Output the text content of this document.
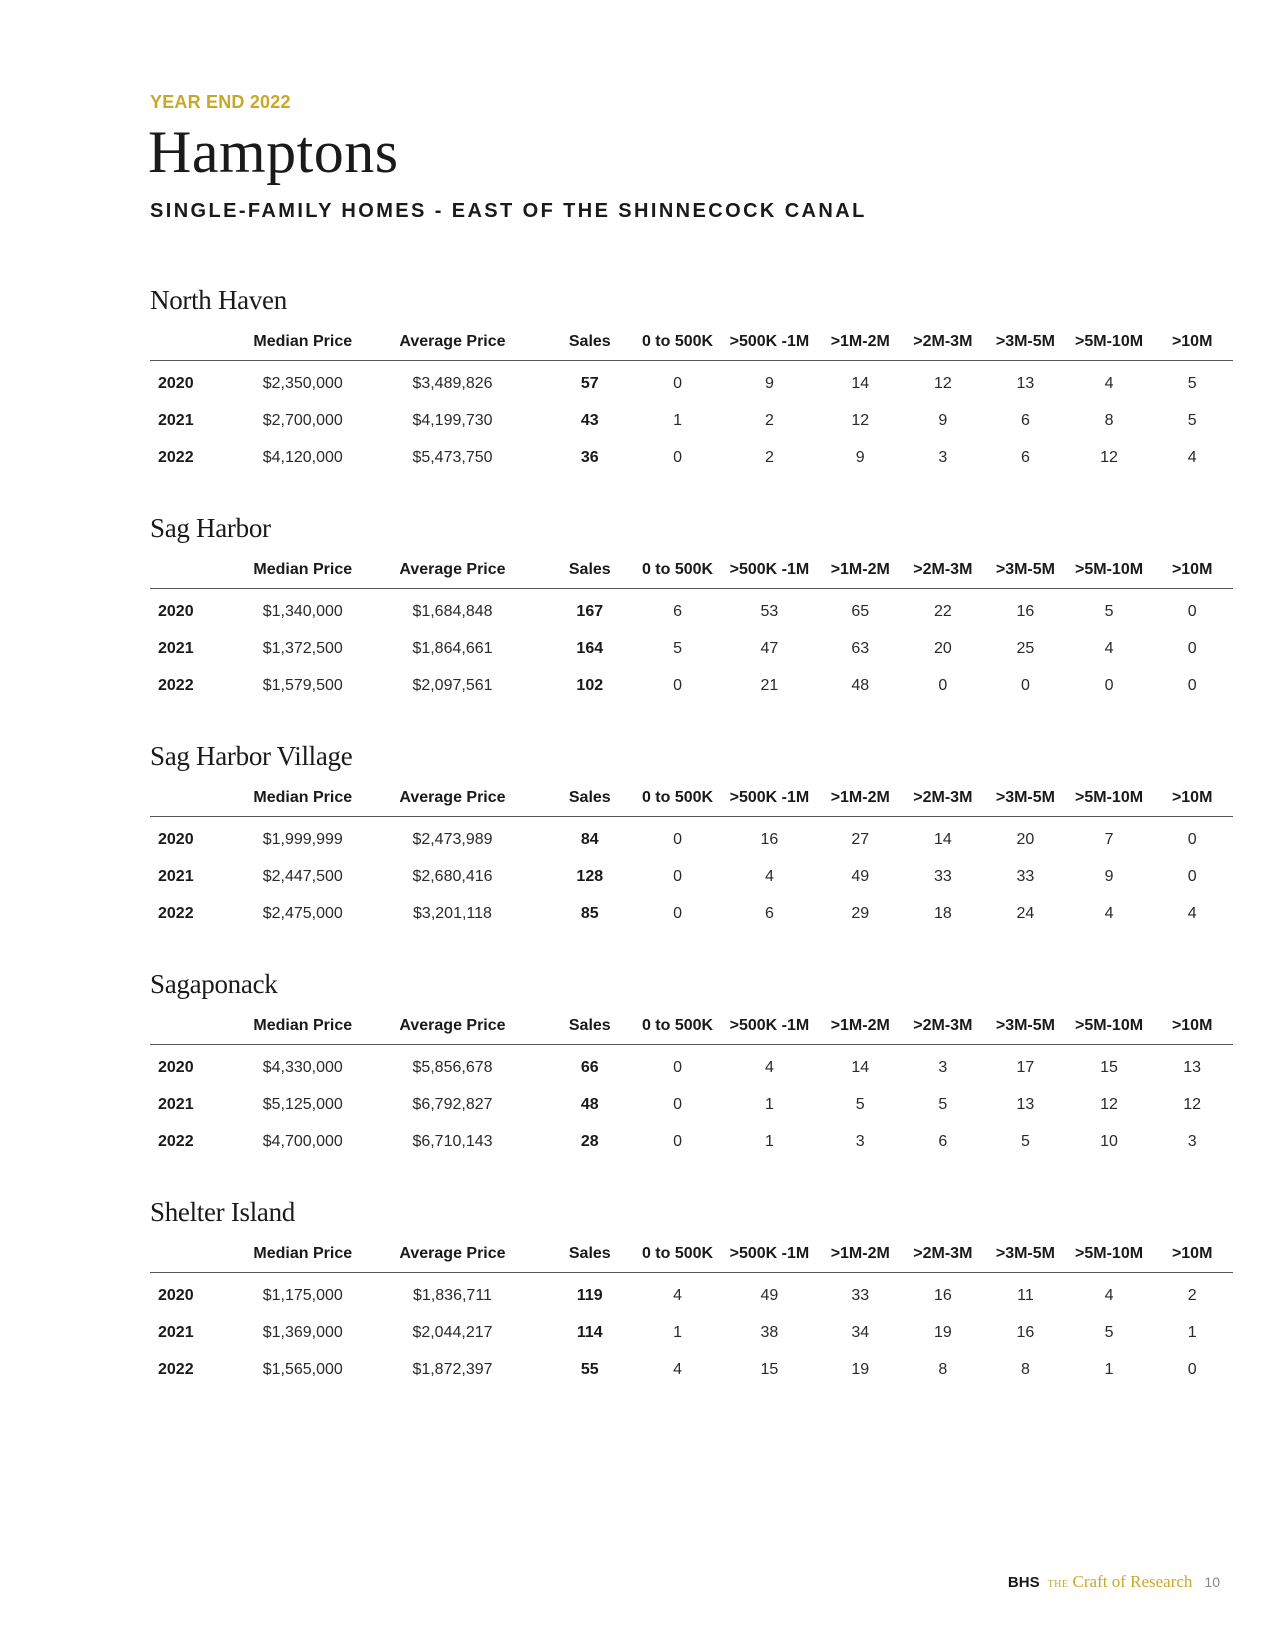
YEAR END 2022
Hamptons
SINGLE-FAMILY HOMES - EAST OF THE SHINNECOCK CANAL
North Haven
	Median Price	Average Price	Sales	0 to 500K	>500K -1M	>1M-2M	>2M-3M	>3M-5M	>5M-10M	>10M
2020	$2,350,000	$3,489,826	57	0	9	14	12	13	4	5
2021	$2,700,000	$4,199,730	43	1	2	12	9	6	8	5
2022	$4,120,000	$5,473,750	36	0	2	9	3	6	12	4
Sag Harbor
	Median Price	Average Price	Sales	0 to 500K	>500K -1M	>1M-2M	>2M-3M	>3M-5M	>5M-10M	>10M
2020	$1,340,000	$1,684,848	167	6	53	65	22	16	5	0
2021	$1,372,500	$1,864,661	164	5	47	63	20	25	4	0
2022	$1,579,500	$2,097,561	102	0	21	48	0	0	0	0
Sag Harbor Village
	Median Price	Average Price	Sales	0 to 500K	>500K -1M	>1M-2M	>2M-3M	>3M-5M	>5M-10M	>10M
2020	$1,999,999	$2,473,989	84	0	16	27	14	20	7	0
2021	$2,447,500	$2,680,416	128	0	4	49	33	33	9	0
2022	$2,475,000	$3,201,118	85	0	6	29	18	24	4	4
Sagaponack
	Median Price	Average Price	Sales	0 to 500K	>500K -1M	>1M-2M	>2M-3M	>3M-5M	>5M-10M	>10M
2020	$4,330,000	$5,856,678	66	0	4	14	3	17	15	13
2021	$5,125,000	$6,792,827	48	0	1	5	5	13	12	12
2022	$4,700,000	$6,710,143	28	0	1	3	6	5	10	3
Shelter Island
	Median Price	Average Price	Sales	0 to 500K	>500K -1M	>1M-2M	>2M-3M	>3M-5M	>5M-10M	>10M
2020	$1,175,000	$1,836,711	119	4	49	33	16	11	4	2
2021	$1,369,000	$2,044,217	114	1	38	34	19	16	5	1
2022	$1,565,000	$1,872,397	55	4	15	19	8	8	1	0
BHS THE Craft of Research 10
